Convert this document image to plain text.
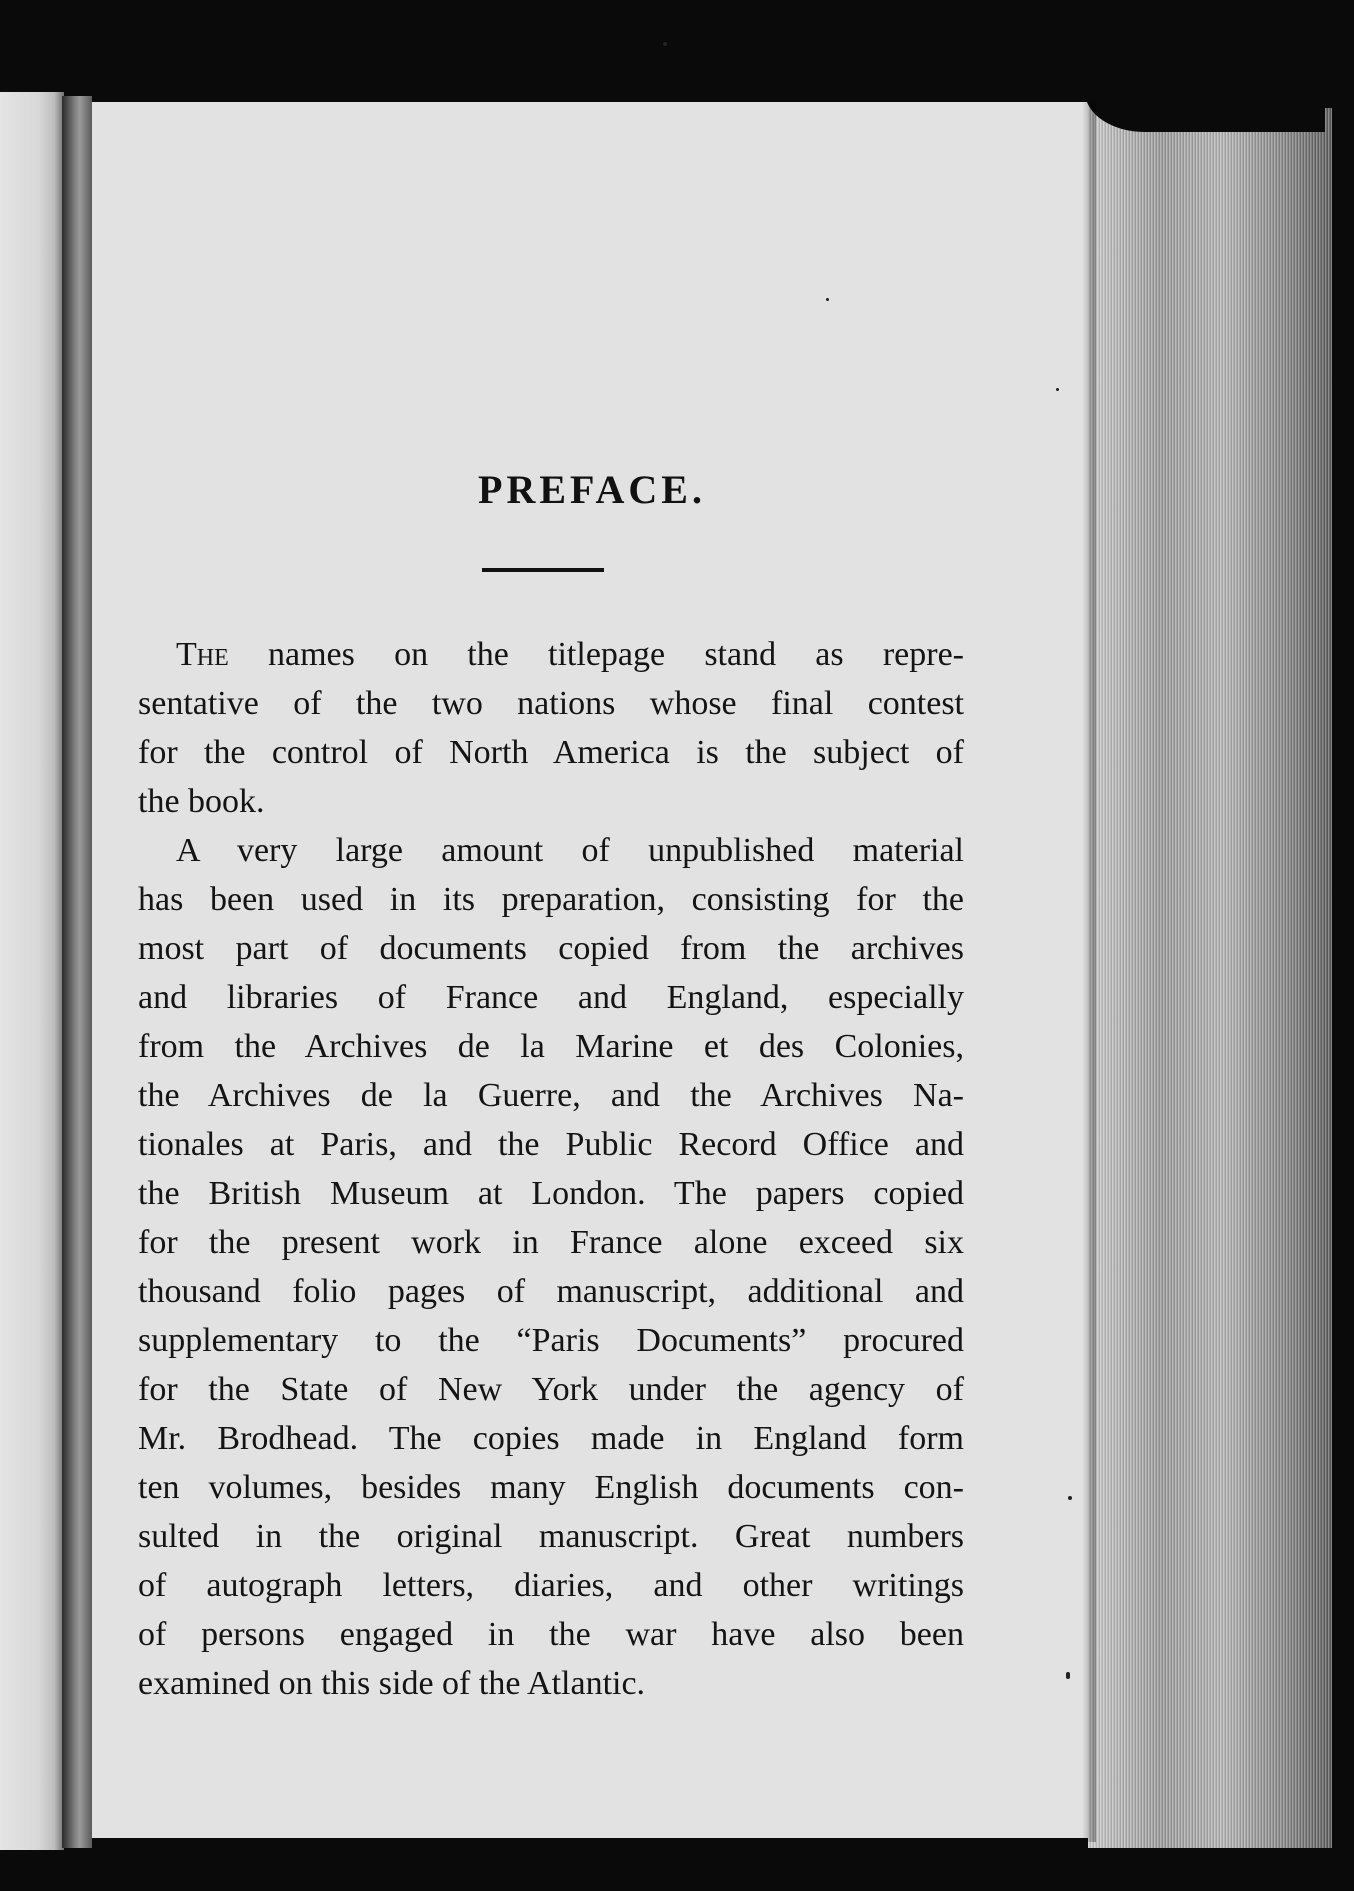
PREFACE.
The names on the titlepage stand as repre-
sentative of the two nations whose final contest
for the control of North America is the subject of
the book.
A very large amount of unpublished material
has been used in its preparation, consisting for the
most part of documents copied from the archives
and libraries of France and England, especially
from the Archives de la Marine et des Colonies,
the Archives de la Guerre, and the Archives Na-
tionales at Paris, and the Public Record Office and
the British Museum at London. The papers copied
for the present work in France alone exceed six
thousand folio pages of manuscript, additional and
supplementary to the “Paris Documents” procured
for the State of New York under the agency of
Mr. Brodhead. The copies made in England form
ten volumes, besides many English documents con-
sulted in the original manuscript. Great numbers
of autograph letters, diaries, and other writings
of persons engaged in the war have also been
examined on this side of the Atlantic.
